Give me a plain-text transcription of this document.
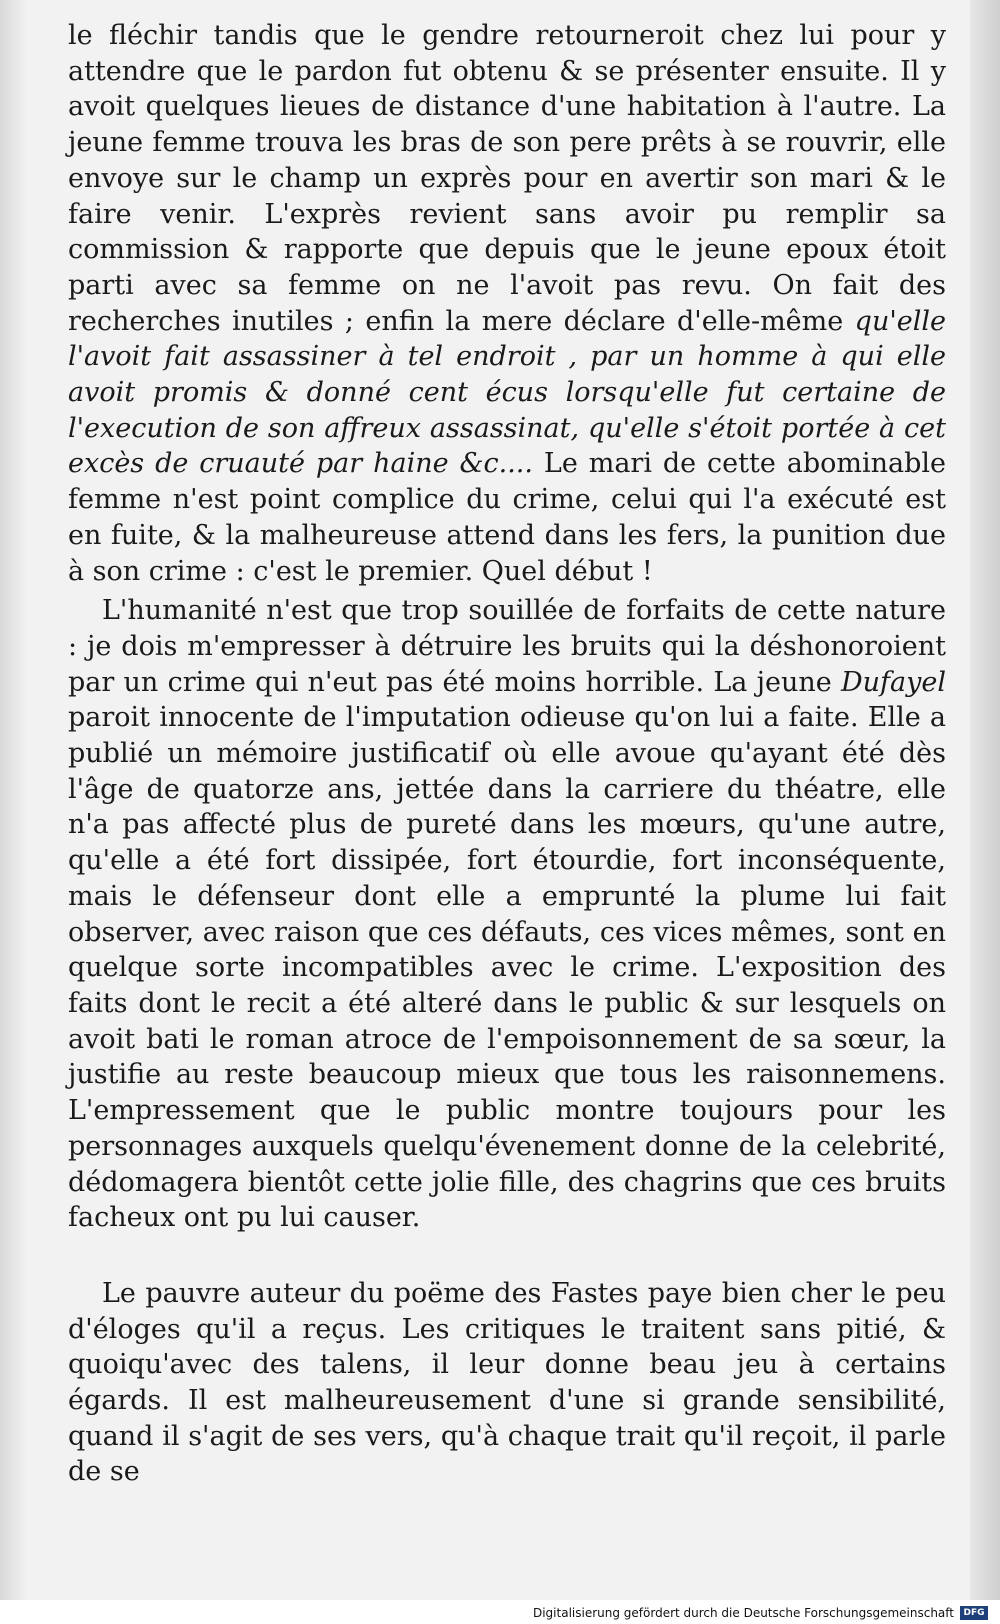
le fléchir tandis que le gendre retourneroit chez lui pour y attendre que le pardon fut obtenu & se présenter ensuite. Il y avoit quelques lieues de distance d'une habitation à l'autre. La jeune femme trouva les bras de son pere prêts à se rouvrir, elle envoye sur le champ un exprès pour en avertir son mari & le faire venir. L'exprès revient sans avoir pu remplir sa commission & rapporte que depuis que le jeune epoux étoit parti avec sa femme on ne l'avoit pas revu. On fait des recherches inutiles ; enfin la mere déclare d'elle-même qu'elle l'avoit fait assassiner à tel endroit , par un homme à qui elle avoit promis & donné cent écus lorsqu'elle fut certaine de l'execution de son affreux assassinat, qu'elle s'étoit portée à cet excès de cruauté par haine &c.... Le mari de cette abominable femme n'est point complice du crime, celui qui l'a exécuté est en fuite, & la malheureuse attend dans les fers, la punition due à son crime : c'est le premier. Quel début !

L'humanité n'est que trop souillée de forfaits de cette nature : je dois m'empresser à détruire les bruits qui la déshonoroient par un crime qui n'eut pas été moins horrible. La jeune Dufayel paroit innocente de l'imputation odieuse qu'on lui a faite. Elle a publié un mémoire justificatif où elle avoue qu'ayant été dès l'âge de quatorze ans, jettée dans la carriere du théatre, elle n'a pas affecté plus de pureté dans les mœurs, qu'une autre, qu'elle a été fort dissipée, fort étourdie, fort inconséquente, mais le défenseur dont elle a emprunté la plume lui fait observer, avec raison que ces défauts, ces vices mêmes, sont en quelque sorte incompatibles avec le crime. L'exposition des faits dont le recit a été alteré dans le public & sur lesquels on avoit bati le roman atroce de l'empoisonnement de sa sœur, la justifie au reste beaucoup mieux que tous les raisonnemens. L'empressement que le public montre toujours pour les personnages auxquels quelqu'évenement donne de la celebrité, dédomagera bientôt cette jolie fille, des chagrins que ces bruits facheux ont pu lui causer.

Le pauvre auteur du poëme des Fastes paye bien cher le peu d'éloges qu'il a reçus. Les critiques le traitent sans pitié, & quoiqu'avec des talens, il leur donne beau jeu à certains égards. Il est malheureusement d'une si grande sensibilité, quand il s'agit de ses vers, qu'à chaque trait qu'il reçoit, il parle de se

Digitalisierung gefördert durch die Deutsche Forschungsgemeinschaft	DFG
